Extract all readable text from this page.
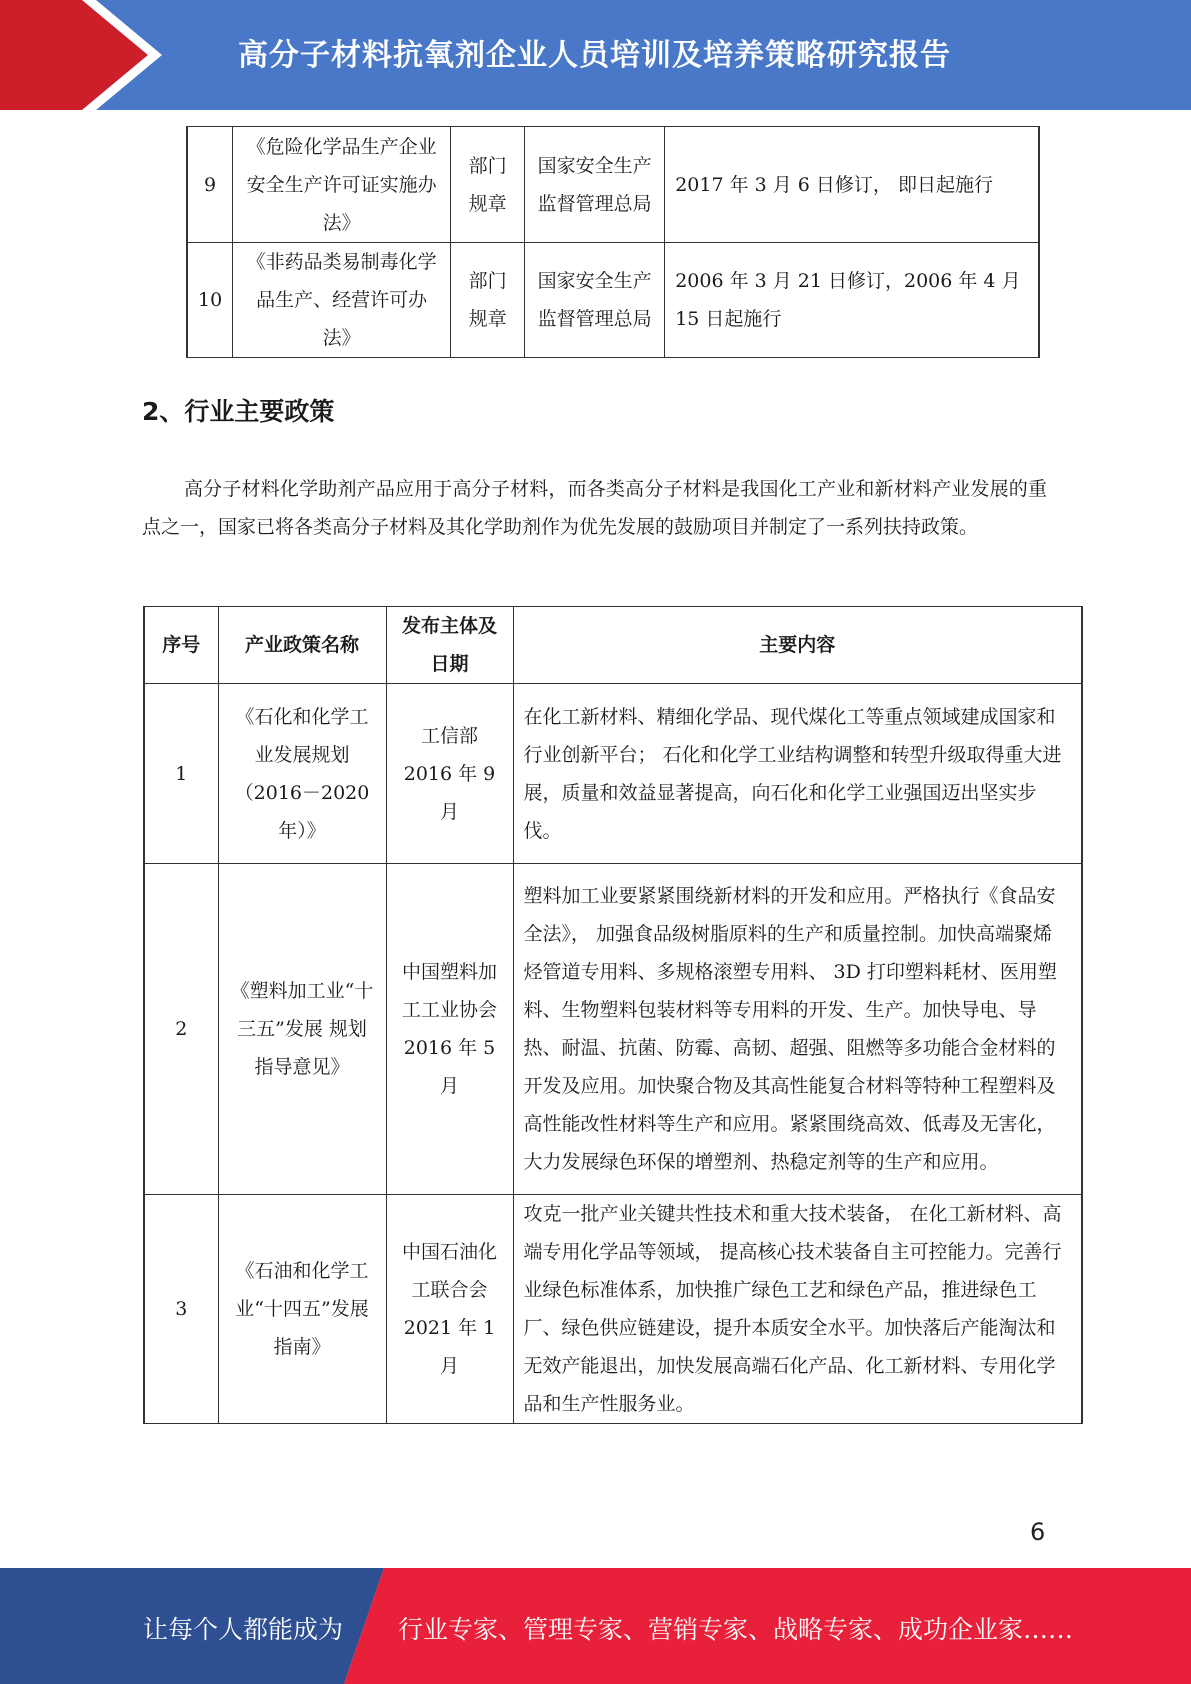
高分子材料抗氧剂企业人员培训及培养策略研究报告
9	《危险化学品生产企业安全生产许可证实施办法》	部门规章	国家安全生产监督管理总局	2017 年 3 月 6 日修订， 即日起施行
10	《非药品类易制毒化学品生产、经营许可办法》	部门规章	国家安全生产监督管理总局	2006 年 3 月 21 日修订，2006 年 4 月 15 日起施行
2、行业主要政策
高分子材料化学助剂产品应用于高分子材料，而各类高分子材料是我国化工产业和新材料产业发展的重点之一，国家已将各类高分子材料及其化学助剂作为优先发展的鼓励项目并制定了一系列扶持政策。
序号	产业政策名称	发布主体及日期	主要内容
1	《石化和化学工业发展规划（2016－2020年）》	工信部 2016 年 9 月	在化工新材料、精细化学品、现代煤化工等重点领域建成国家和行业创新平台； 石化和化学工业结构调整和转型升级取得重大进展，质量和效益显著提高，向石化和化学工业强国迈出坚实步伐。
2	《塑料加工业“十三五”发展 规划指导意见》	中国塑料加工工业协会 2016 年 5 月	塑料加工业要紧紧围绕新材料的开发和应用。严格执行《食品安全法》， 加强食品级树脂原料的生产和质量控制。加快高端聚烯烃管道专用料、多规格滚塑专用料、 3D 打印塑料耗材、医用塑料、生物塑料包装材料等专用料的开发、生产。加快导电、导热、耐温、抗菌、防霉、高韧、超强、阻燃等多功能合金材料的开发及应用。加快聚合物及其高性能复合材料等特种工程塑料及高性能改性材料等生产和应用。紧紧围绕高效、低毒及无害化，大力发展绿色环保的增塑剂、热稳定剂等的生产和应用。
3	《石油和化学工业“十四五”发展指南》	中国石油化工联合会 2021 年 1 月	攻克一批产业关键共性技术和重大技术装备， 在化工新材料、高端专用化学品等领域， 提高核心技术装备自主可控能力。完善行业绿色标准体系，加快推广绿色工艺和绿色产品，推进绿色工厂、绿色供应链建设，提升本质安全水平。加快落后产能淘汰和无效产能退出，加快发展高端石化产品、化工新材料、专用化学品和生产性服务业。
6
让每个人都能成为 行业专家、管理专家、营销专家、战略专家、成功企业家……
